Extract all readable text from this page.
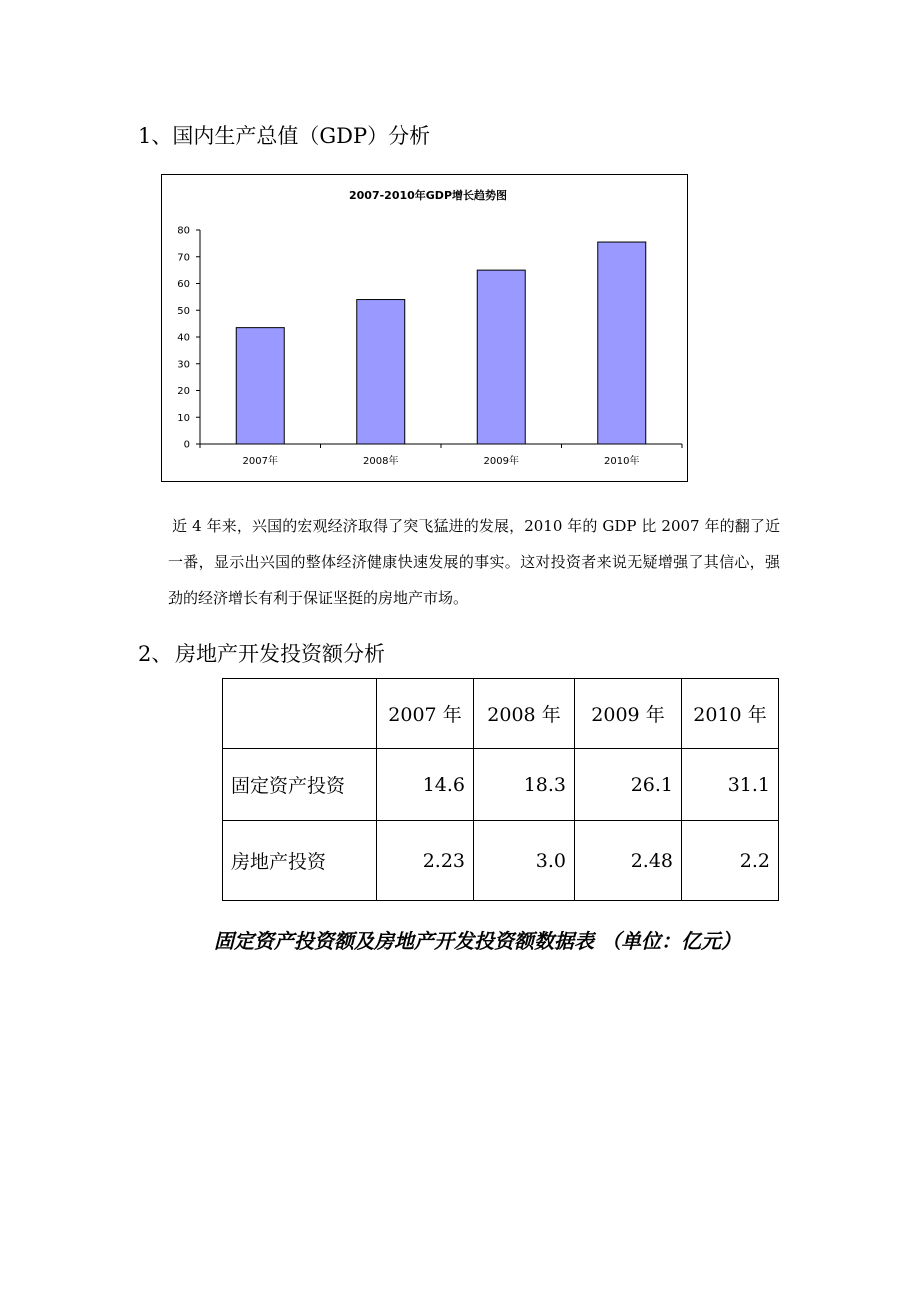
1、国内生产总值（GDP）分析
2007-2010年GDP增长趋势图
0
10
20
30
40
50
60
70
80
2007年	2008年	2009年	2010年
近 4 年来，兴国的宏观经济取得了突飞猛进的发展，2010 年的 GDP 比 2007 年的翻了近一番，显示出兴国的整体经济健康快速发展的事实。这对投资者来说无疑增强了其信心，强劲的经济增长有利于保证坚挺的房地产市场。
2、 房地产开发投资额分析
	2007 年	2008 年	2009 年	2010 年
固定资产投资	14.6	18.3	26.1	31.1
房地产投资	2.23	3.0	2.48	2.2
固定资产投资额及房地产开发投资额数据表 （单位：亿元）
